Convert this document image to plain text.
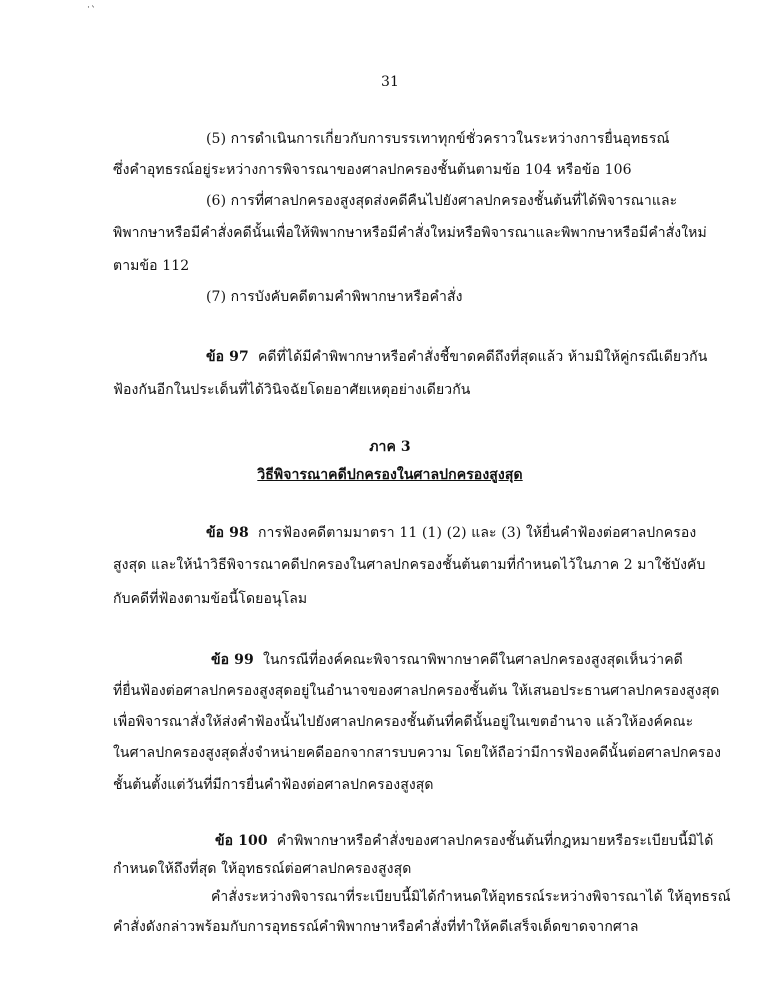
˙`
31
(5) การดำเนินการเกี่ยวกับการบรรเทาทุกข์ชั่วคราวในระหว่างการยื่นอุทธรณ์
ซึ่งคำอุทธรณ์อยู่ระหว่างการพิจารณาของศาลปกครองชั้นต้นตามข้อ 104 หรือข้อ 106
(6) การที่ศาลปกครองสูงสุดส่งคดีคืนไปยังศาลปกครองชั้นต้นที่ได้พิจารณาและ
พิพากษาหรือมีคำสั่งคดีนั้นเพื่อให้พิพากษาหรือมีคำสั่งใหม่หรือพิจารณาและพิพากษาหรือมีคำสั่งใหม่
ตามข้อ 112
(7) การบังคับคดีตามคำพิพากษาหรือคำสั่ง
ข้อ 97 คดีที่ได้มีคำพิพากษาหรือคำสั่งชี้ขาดคดีถึงที่สุดแล้ว ห้ามมิให้คู่กรณีเดียวกัน
ฟ้องกันอีกในประเด็นที่ได้วินิจฉัยโดยอาศัยเหตุอย่างเดียวกัน
ภาค 3
วิธีพิจารณาคดีปกครองในศาลปกครองสูงสุด
ข้อ 98 การฟ้องคดีตามมาตรา 11 (1) (2) และ (3) ให้ยื่นคำฟ้องต่อศาลปกครอง
สูงสุด และให้นำวิธีพิจารณาคดีปกครองในศาลปกครองชั้นต้นตามที่กำหนดไว้ในภาค 2 มาใช้บังคับ
กับคดีที่ฟ้องตามข้อนี้โดยอนุโลม
ข้อ 99 ในกรณีที่องค์คณะพิจารณาพิพากษาคดีในศาลปกครองสูงสุดเห็นว่าคดี
ที่ยื่นฟ้องต่อศาลปกครองสูงสุดอยู่ในอำนาจของศาลปกครองชั้นต้น ให้เสนอประธานศาลปกครองสูงสุด
เพื่อพิจารณาสั่งให้ส่งคำฟ้องนั้นไปยังศาลปกครองชั้นต้นที่คดีนั้นอยู่ในเขตอำนาจ แล้วให้องค์คณะ
ในศาลปกครองสูงสุดสั่งจำหน่ายคดีออกจากสารบบความ โดยให้ถือว่ามีการฟ้องคดีนั้นต่อศาลปกครอง
ชั้นต้นตั้งแต่วันที่มีการยื่นคำฟ้องต่อศาลปกครองสูงสุด
ข้อ 100 คำพิพากษาหรือคำสั่งของศาลปกครองชั้นต้นที่กฎหมายหรือระเบียบนี้มิได้
กำหนดให้ถึงที่สุด ให้อุทธรณ์ต่อศาลปกครองสูงสุด
คำสั่งระหว่างพิจารณาที่ระเบียบนี้มิได้กำหนดให้อุทธรณ์ระหว่างพิจารณาได้ ให้อุทธรณ์
คำสั่งดังกล่าวพร้อมกับการอุทธรณ์คำพิพากษาหรือคำสั่งที่ทำให้คดีเสร็จเด็ดขาดจากศาล
